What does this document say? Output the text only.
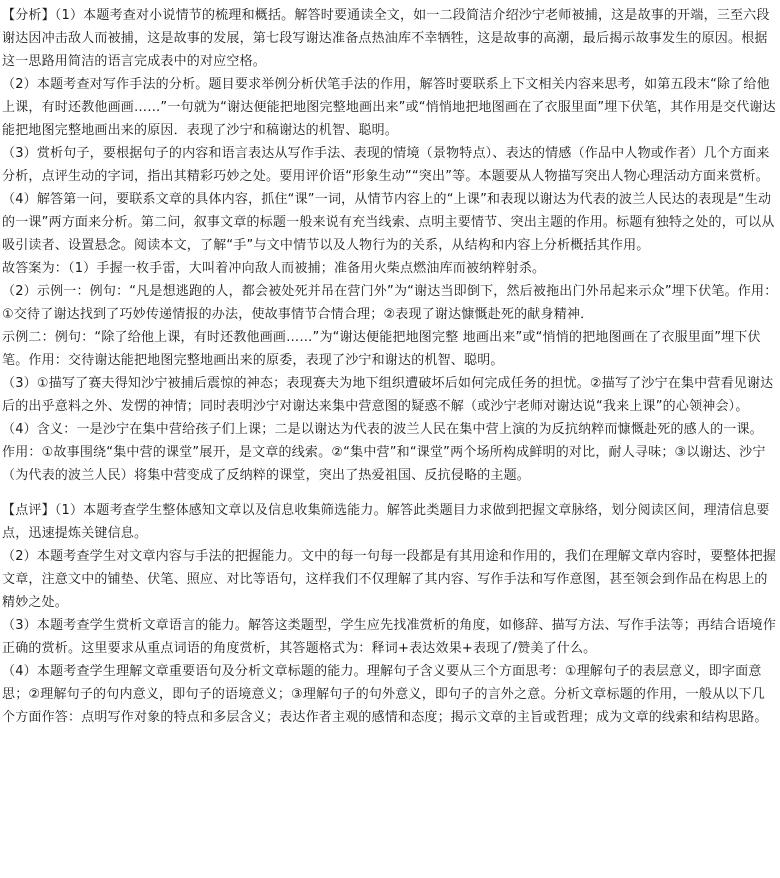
【分析】（1）本题考查对小说情节的梳理和概括。解答时要通读全文，如一二段简洁介绍沙宁老师被捕，这是故事的开端，三至六段谢达因冲击敌人而被捕，这是故事的发展，第七段写谢达准备点热油库不幸牺牲，这是故事的高潮，最后揭示故事发生的原因。根据这一思路用简洁的语言完成表中的对应空格。

（2）本题考查对写作手法的分析。题目要求举例分析伏笔手法的作用，解答时要联系上下文相关内容来思考，如第五段末“除了给他上课，有时还教他画画……”一句就为“谢达便能把地图完整地画出来”或“悄悄地把地图画在了衣服里面”埋下伏笔，其作用是交代谢达能把地图完整地画出来的原因．表现了沙宁和稿谢达的机智、聪明。

（3）赏析句子，要根据句子的内容和语言表达从写作手法、表现的情境（景物特点）、表达的情感（作品中人物或作者）几个方面来分析，点评生动的字词，指出其精彩巧妙之处。要用评价语“形象生动”“突出”等。本题要从人物描写突出人物心理活动方面来赏析。

（4）解答第一问，要联系文章的具体内容，抓住“课”一词，从情节内容上的“上课”和表现以谢达为代表的波兰人民达的表现是“生动的一课”两方面来分析。第二问，叙事文章的标题一般来说有充当线索、点明主要情节、突出主题的作用。标题有独特之处的，可以从吸引读者、设置悬念。阅读本文，了解“手”与文中情节以及人物行为的关系，从结构和内容上分析概括其作用。

故答案为：（1）手握一枚手雷，大叫着冲向敌人而被捕；准备用火柴点燃油库而被纳粹射杀。

（2）示例一：例句：“凡是想逃跑的人，都会被处死并吊在营门外”为“谢达当即倒下，然后被拖出门外吊起来示众”埋下伏笔。作用：①交待了谢达找到了巧妙传递情报的办法，使故事情节合情合理；②表现了谢达慷慨赴死的献身精神．

示例二：例句：“除了给他上课，有时还教他画画……”为“谢达便能把地图完整 地画出来”或“悄悄的把地图画在了衣服里面”埋下伏笔。作用：交待谢达能把地图完整地画出来的原委，表现了沙宁和谢达的机智、聪明。

（3）①描写了赛夫得知沙宁被捕后震惊的神态；表现赛夫为地下组织遭破坏后如何完成任务的担忧。②描写了沙宁在集中营看见谢达后的出乎意料之外、发愣的神情；同时表明沙宁对谢达来集中营意图的疑惑不解（或沙宁老师对谢达说“我来上课”的心领神会）。

（4）含义：一是沙宁在集中营给孩子们上课；二是以谢达为代表的波兰人民在集中营上演的为反抗纳粹而慷慨赴死的感人的一课。

作用：①故事围绕“集中营的课堂”展开，是文章的线索。②“集中营”和“课堂”两个场所构成鲜明的对比，耐人寻味；③以谢达、沙宁（为代表的波兰人民）将集中营变成了反纳粹的课堂，突出了热爱祖国、反抗侵略的主题。

【点评】（1）本题考查学生整体感知文章以及信息收集筛选能力。解答此类题目力求做到把握文章脉络，划分阅读区间，理清信息要点，迅速提炼关键信息。

（2）本题考查学生对文章内容与手法的把握能力。文中的每一句每一段都是有其用途和作用的，我们在理解文章内容时，要整体把握文章，注意文中的铺垫、伏笔、照应、对比等语句，这样我们不仅理解了其内容、写作手法和写作意图，甚至领会到作品在构思上的精妙之处。

（3）本题考查学生赏析文章语言的能力。解答这类题型，学生应先找准赏析的角度，如修辞、描写方法、写作手法等；再结合语境作正确的赏析。这里要求从重点词语的角度赏析，其答题格式为：释词+表达效果+表现了/赞美了什么。

（4）本题考查学生理解文章重要语句及分析文章标题的能力。理解句子含义要从三个方面思考：①理解句子的表层意义，即字面意思；②理解句子的句内意义，即句子的语境意义；③理解句子的句外意义，即句子的言外之意。分析文章标题的作用，一般从以下几个方面作答：点明写作对象的特点和多层含义；表达作者主观的感情和态度；揭示文章的主旨或哲理；成为文章的线索和结构思路。
